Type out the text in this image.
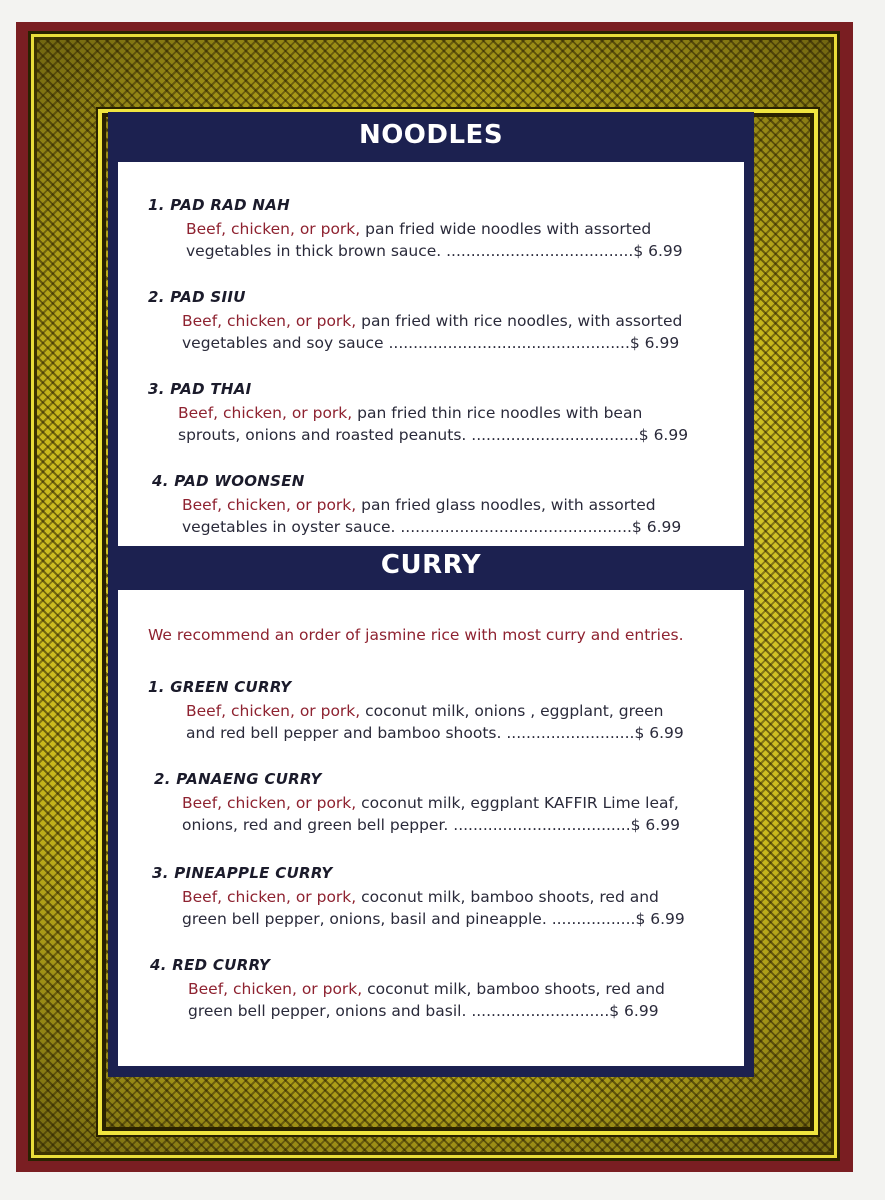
NOODLES
1. PAD RAD NAH
Beef, chicken, or pork, pan fried wide noodles with assorted
vegetables in thick brown sauce. ......................................$ 6.99
2. PAD SIIU
Beef, chicken, or pork, pan fried with rice noodles, with assorted
vegetables and soy sauce .................................................$ 6.99
3. PAD THAI
Beef, chicken, or pork, pan fried thin rice noodles with bean
sprouts, onions and roasted peanuts. ..................................$ 6.99
4. PAD WOONSEN
Beef, chicken, or pork, pan fried glass noodles, with assorted
vegetables in oyster sauce. ...............................................$ 6.99
CURRY
We recommend an order of jasmine rice with most curry and entries.
1. GREEN CURRY
Beef, chicken, or pork, coconut milk, onions , eggplant, green
and red bell pepper and bamboo shoots. ..........................$ 6.99
2. PANAENG CURRY
Beef, chicken, or pork, coconut milk, eggplant KAFFIR Lime leaf,
onions, red and green bell pepper. ....................................$ 6.99
3. PINEAPPLE CURRY
Beef, chicken, or pork, coconut milk, bamboo shoots, red and
green bell pepper, onions, basil and pineapple. .................$ 6.99
4. RED CURRY
Beef, chicken, or pork, coconut milk, bamboo shoots, red and
green bell pepper, onions and basil. ............................$ 6.99
